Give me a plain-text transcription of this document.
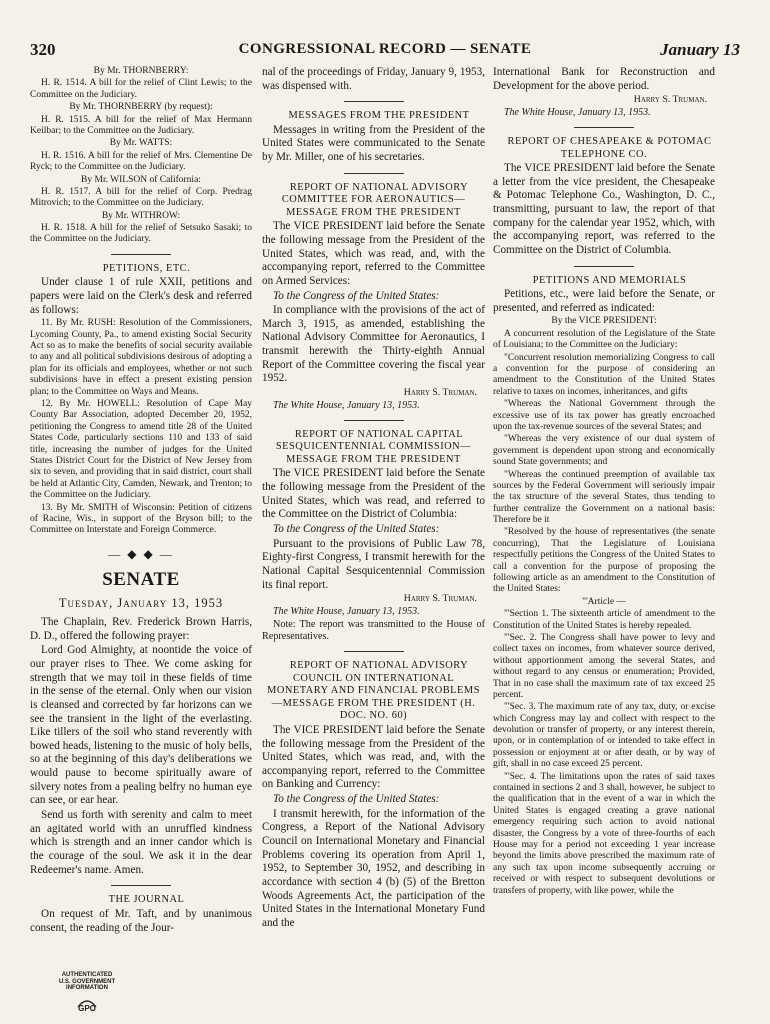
320	CONGRESSIONAL RECORD — SENATE	January 13

By Mr. THORNBERRY:

H. R. 1514. A bill for the relief of Clint Lewis; to the Committee on the Judiciary.

By Mr. THORNBERRY (by request):

H. R. 1515. A bill for the relief of Max Hermann Keilbar; to the Committee on the Judiciary.

By Mr. WATTS:

H. R. 1516. A bill for the relief of Mrs. Clementine De Ryck; to the Committee on the Judiciary.

By Mr. WILSON of California:

H. R. 1517. A bill for the relief of Corp. Predrag Mitrovich; to the Committee on the Judiciary.

By Mr. WITHROW:

H. R. 1518. A bill for the relief of Setsuko Sasaki; to the Committee on the Judiciary.

PETITIONS, ETC.

Under clause 1 of rule XXII, petitions and papers were laid on the Clerk's desk and referred as follows:

11. By Mr. RUSH: Resolution of the Commissioners, Lycoming County, Pa., to amend existing Social Security Act so as to make the benefits of social security available to any and all political subdivisions desirous of adopting a plan for its officials and employees, whether or not such subdivisions have in effect a present existing pension plan; to the Committee on Ways and Means.

12. By Mr. HOWELL: Resolution of Cape May County Bar Association, adopted December 20, 1952, petitioning the Congress to amend title 28 of the United States Code, particularly sections 110 and 133 of said title, increasing the number of judges for the United States District Court for the District of New Jersey from six to seven, and providing that in said district, court shall be held at Atlantic City, Camden, Newark, and Trenton; to the Committee on the Judiciary.

13. By Mr. SMITH of Wisconsin: Petition of citizens of Racine, Wis., in support of the Bryson bill; to the Committee on Interstate and Foreign Commerce.

— ◆ ◆ —
SENATE
Tuesday, January 13, 1953

The Chaplain, Rev. Frederick Brown Harris, D. D., offered the following prayer:

Lord God Almighty, at noontide the voice of our prayer rises to Thee. We come asking for strength that we may toil in these fields of time in the sense of the eternal. Only when our vision is cleansed and corrected by far horizons can we see the transient in the light of the everlasting. Like tillers of the soil who stand reverently with bowed heads, listening to the music of holy bells, so at the beginning of this day's deliberations we would pause to become spiritually aware of silvery notes from a pealing belfry no human eye can see, or ear hear.

Send us forth with serenity and calm to meet an agitated world with an unruffled kindness which is strength and an inner candor which is the courage of the soul. We ask it in the dear Redeemer's name. Amen.

THE JOURNAL

On request of Mr. Taft, and by unanimous consent, the reading of the Jour-

nal of the proceedings of Friday, January 9, 1953, was dispensed with.

MESSAGES FROM THE PRESIDENT

Messages in writing from the President of the United States were communicated to the Senate by Mr. Miller, one of his secretaries.

REPORT OF NATIONAL ADVISORY COMMITTEE FOR AERONAUTICS—MESSAGE FROM THE PRESIDENT

The VICE PRESIDENT laid before the Senate the following message from the President of the United States, which was read, and, with the accompanying report, referred to the Committee on Armed Services:

To the Congress of the United States:

In compliance with the provisions of the act of March 3, 1915, as amended, establishing the National Advisory Committee for Aeronautics, I transmit herewith the Thirty-eighth Annual Report of the Committee covering the fiscal year 1952.

Harry S. Truman.

The White House, January 13, 1953.

REPORT OF NATIONAL CAPITAL SESQUICENTENNIAL COMMISSION—MESSAGE FROM THE PRESIDENT

The VICE PRESIDENT laid before the Senate the following message from the President of the United States, which was read, and referred to the Committee on the District of Columbia:

To the Congress of the United States:

Pursuant to the provisions of Public Law 78, Eighty-first Congress, I transmit herewith for the National Capital Sesquicentennial Commission its final report.

Harry S. Truman.

The White House, January 13, 1953.

Note: The report was transmitted to the House of Representatives.

REPORT OF NATIONAL ADVISORY COUNCIL ON INTERNATIONAL MONETARY AND FINANCIAL PROBLEMS—MESSAGE FROM THE PRESIDENT (H. DOC. NO. 60)

The VICE PRESIDENT laid before the Senate the following message from the President of the United States, which was read, and, with the accompanying report, referred to the Committee on Banking and Currency:

To the Congress of the United States:

I transmit herewith, for the information of the Congress, a Report of the National Advisory Council on International Monetary and Financial Problems covering its operation from April 1, 1952, to September 30, 1952, and describing in accordance with section 4 (b) (5) of the Bretton Woods Agreements Act, the participation of the United States in the International Monetary Fund and the

International Bank for Reconstruction and Development for the above period.

Harry S. Truman.

The White House, January 13, 1953.

REPORT OF CHESAPEAKE & POTOMAC TELEPHONE CO.

The VICE PRESIDENT laid before the Senate a letter from the vice president, the Chesapeake & Potomac Telephone Co., Washington, D. C., transmitting, pursuant to law, the report of that company for the calendar year 1952, which, with the accompanying report, was referred to the Committee on the District of Columbia.

PETITIONS AND MEMORIALS

Petitions, etc., were laid before the Senate, or presented, and referred as indicated:

By the VICE PRESIDENT:

A concurrent resolution of the Legislature of the State of Louisiana; to the Committee on the Judiciary:

"Concurrent resolution memorializing Congress to call a convention for the purpose of considering an amendment to the Constitution of the United States relative to taxes on incomes, inheritances, and gifts

"Whereas the National Government through the excessive use of its tax power has greatly encroached upon the tax-revenue sources of the several States; and

"Whereas the very existence of our dual system of government is dependent upon strong and economically sound State governments; and

"Whereas the continued preemption of available tax sources by the Federal Government will seriously impair the tax structure of the several States, thus tending to further centralize the Government on a national basis: Therefore be it

"Resolved by the house of representatives (the senate concurring), That the Legislature of Louisiana respectfully petitions the Congress of the United States to call a convention for the purpose of proposing the following article as an amendment to the Constitution of the United States:

"'Article —

"'Section 1. The sixteenth article of amendment to the Constitution of the United States is hereby repealed.

"'Sec. 2. The Congress shall have power to levy and collect taxes on incomes, from whatever source derived, without apportionment among the several States, and without regard to any census or enumeration; Provided, That in no case shall the maximum rate of tax exceed 25 percent.

"'Sec. 3. The maximum rate of any tax, duty, or excise which Congress may lay and collect with respect to the devolution or transfer of property, or any interest therein, upon, or in contemplation of or intended to take effect in possession or enjoyment at or after death, or by way of gift, shall in no case exceed 25 percent.

"'Sec. 4. The limitations upon the rates of said taxes contained in sections 2 and 3 shall, however, be subject to the qualification that in the event of a war in which the United States is engaged creating a grave national emergency requiring such action to avoid national disaster, the Congress by a vote of three-fourths of each House may for a period not exceeding 1 year increase beyond the limits above prescribed the maximum rate of any such tax upon income subsequently accruing or received or with respect to subsequent devolutions or transfers of property, with like power, while the

AUTHENTICATED
U.S. GOVERNMENT
INFORMATION
GPO
